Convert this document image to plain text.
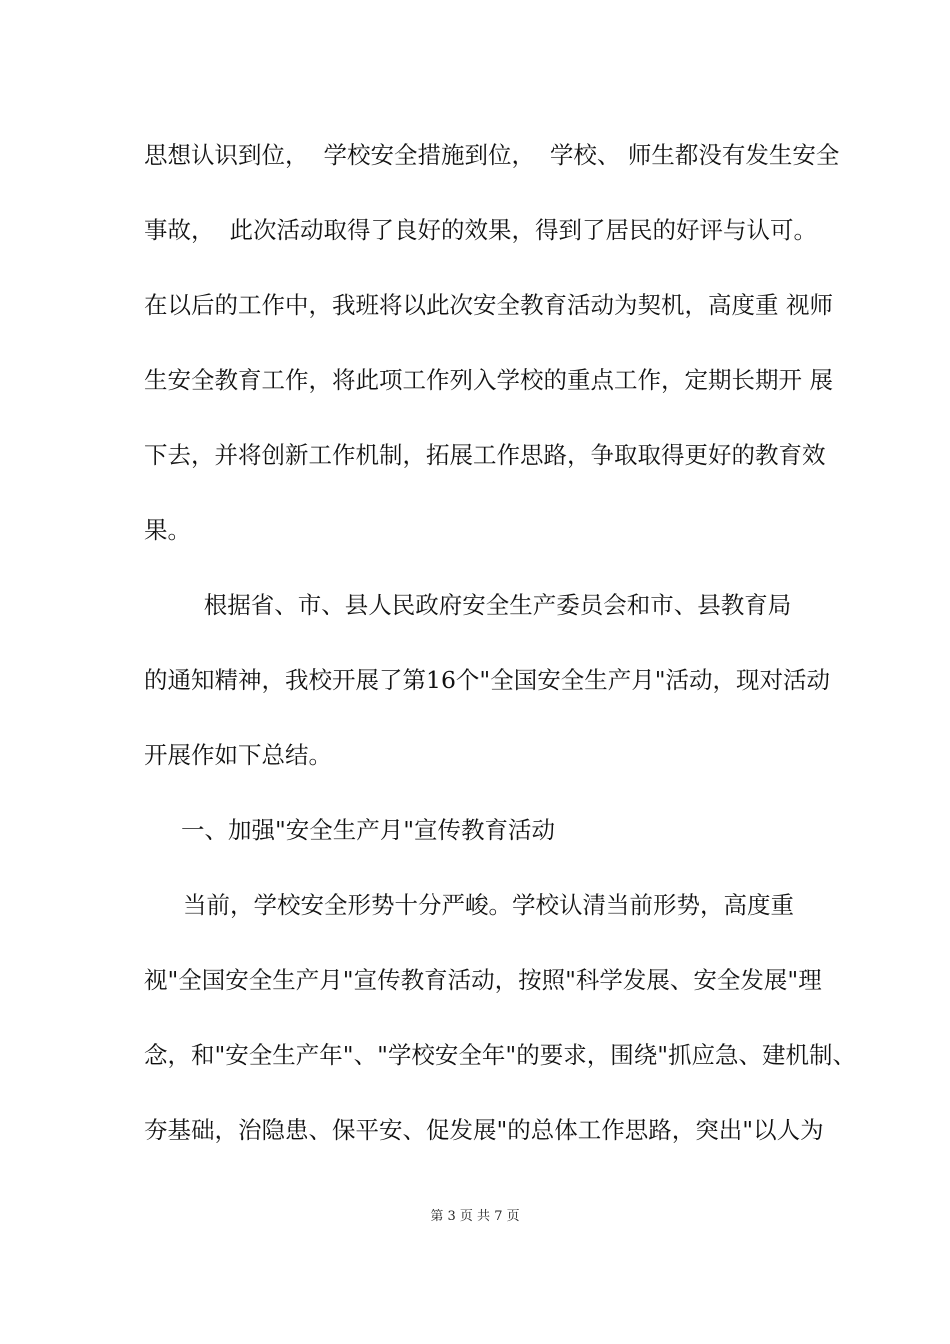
思想认识到位，  学校安全措施到位，  学校、 师生都没有发生安全
事故，  此次活动取得了良好的效果，得到了居民的好评与认可。
在以后的工作中，我班将以此次安全教育活动为契机，高度重 视师
生安全教育工作，将此项工作列入学校的重点工作，定期长期开 展
下去，并将创新工作机制，拓展工作思路，争取取得更好的教育效
果。
根据省、市、县人民政府安全生产委员会和市、县教育局
的通知精神，我校开展了第16个"全国安全生产月"活动，现对活动
开展作如下总结。
一、加强"安全生产月"宣传教育活动
当前，学校安全形势十分严峻。学校认清当前形势，高度重
视"全国安全生产月"宣传教育活动，按照"科学发展、安全发展"理
念，和"安全生产年"、"学校安全年"的要求，围绕"抓应急、建机制、
夯基础，治隐患、保平安、促发展"的总体工作思路，突出"以人为
第 3 页 共 7 页
